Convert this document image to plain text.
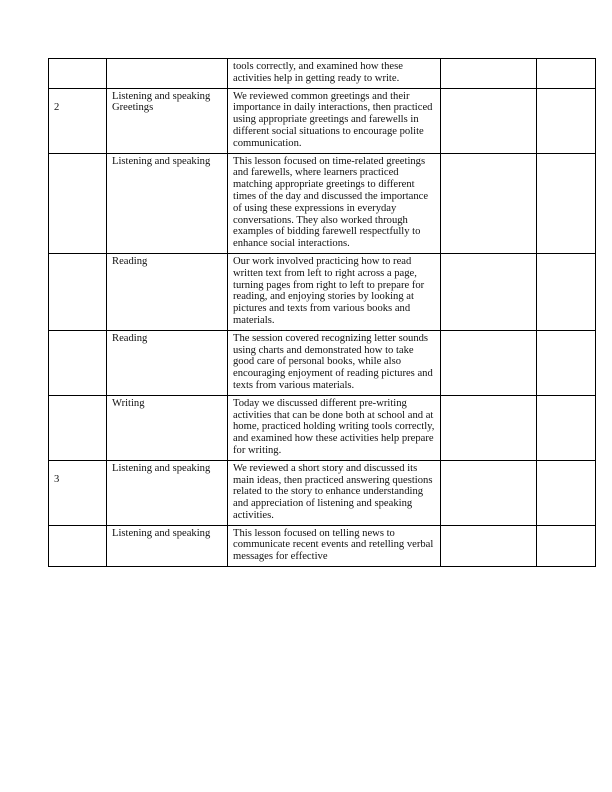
		tools correctly, and examined how these activities help in getting ready to write.		

2	Listening and speaking Greetings	We reviewed common greetings and their importance in daily interactions, then practiced using appropriate greetings and farewells in different social situations to encourage polite communication.		

	Listening and speaking	This lesson focused on time-related greetings and farewells, where learners practiced matching appropriate greetings to different times of the day and discussed the importance of using these expressions in everyday conversations. They also worked through examples of bidding farewell respectfully to enhance social interactions.		

	Reading	Our work involved practicing how to read written text from left to right across a page, turning pages from right to left to prepare for reading, and enjoying stories by looking at pictures and texts from various books and materials.		

	Reading	The session covered recognizing letter sounds using charts and demonstrated how to take good care of personal books, while also encouraging enjoyment of reading pictures and texts from various materials.		

	Writing	Today we discussed different pre-writing activities that can be done both at school and at home, practiced holding writing tools correctly, and examined how these activities help prepare for writing.		

3	Listening and speaking	We reviewed a short story and discussed its main ideas, then practiced answering questions related to the story to enhance understanding and appreciation of listening and speaking activities.		

	Listening and speaking	This lesson focused on telling news to communicate recent events and retelling verbal messages for effective		
